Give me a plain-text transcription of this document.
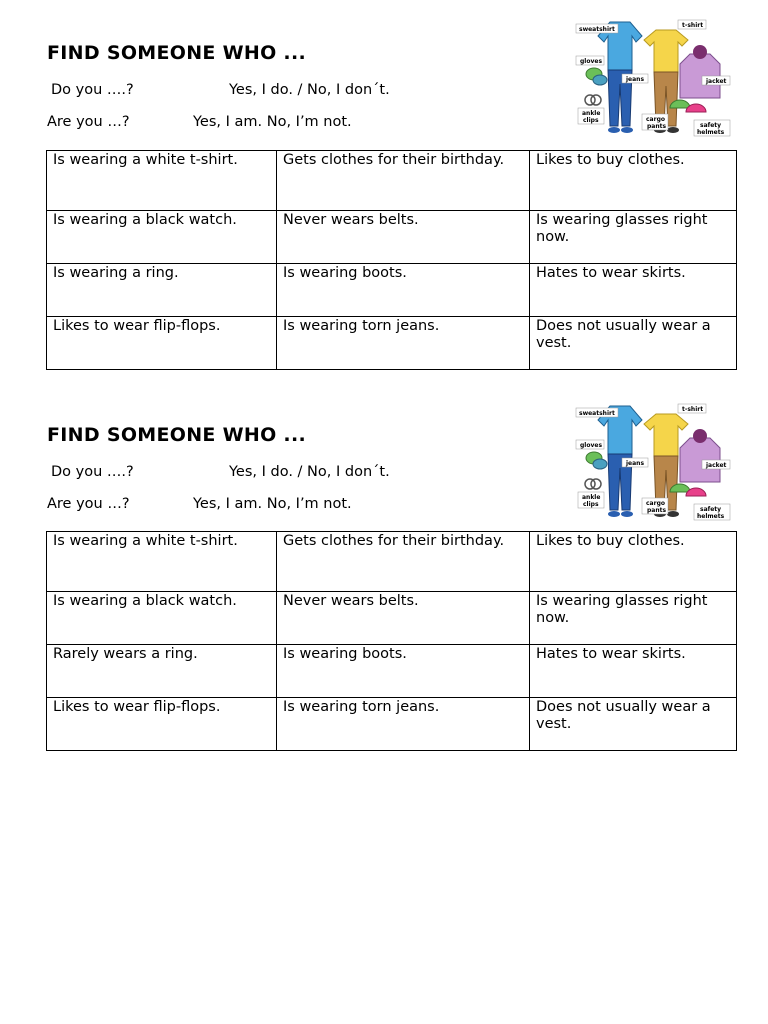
FIND SOMEONE WHO ...
Do you ….?	Yes, I do. / No, I don´t.
Are you …?	Yes, I am. No, I’m not.
sweatshirt
t-shirt
gloves
jeans	jacket
ankle
clips	cargo
pants	safety
helmets
Is wearing a white t-shirt.	Gets clothes for their birthday.	Likes to buy clothes.
Is wearing a black watch.	Never wears belts.	Is wearing glasses right now.
Is wearing a ring.	Is wearing boots.	Hates to wear skirts.
Likes to wear flip-flops.	Is wearing torn jeans.	Does not usually wear a vest.
FIND SOMEONE WHO ...
Do you ….?	Yes, I do. / No, I don´t.
Are you …?	Yes, I am. No, I’m not.
sweatshirt
t-shirt
gloves
jeans	jacket
ankle
clips	cargo
pants	safety
helmets
Is wearing a white t-shirt.	Gets clothes for their birthday.	Likes to buy clothes.
Is wearing a black watch.	Never wears belts.	Is wearing glasses right now.
Rarely wears a ring.	Is wearing boots.	Hates to wear skirts.
Likes to wear flip-flops.	Is wearing torn jeans.	Does not usually wear a vest.
